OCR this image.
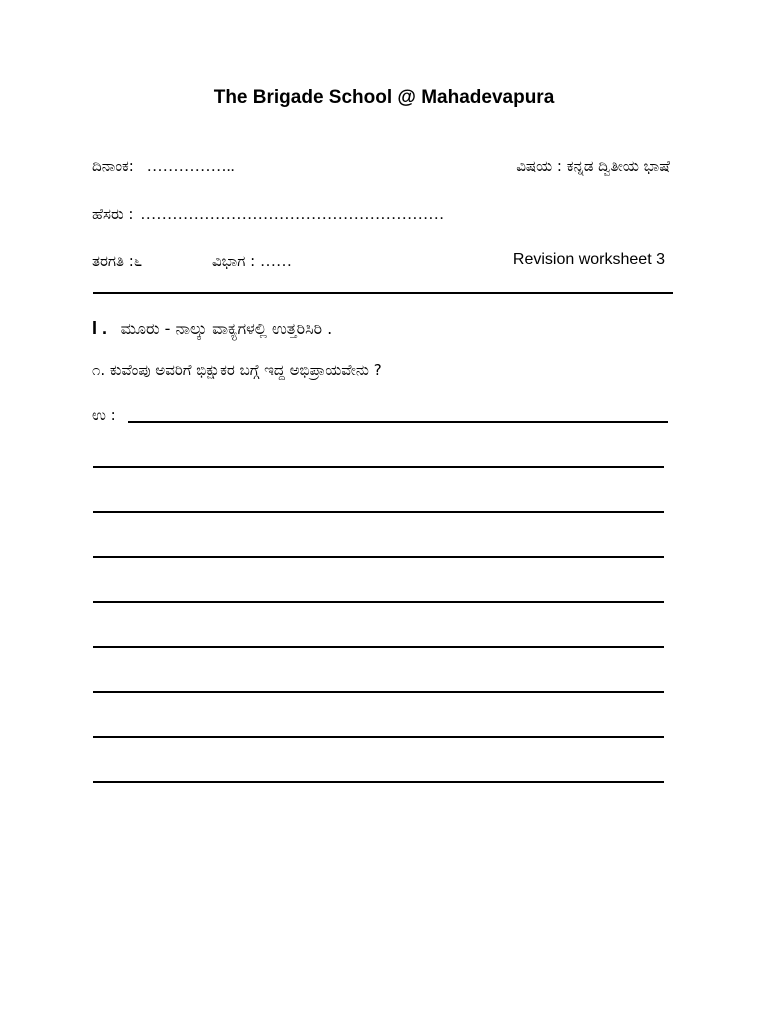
The Brigade School @ Mahadevapura
ದಿನಾಂಕ: ……………..	ವಿಷಯ : ಕನ್ನಡ ದ್ವಿತೀಯ ಭಾಷೆ
ಹೆಸರು : …………………………………………………
ತರಗತಿ :೬	ವಿಭಾಗ : ……	Revision worksheet 3
I . ಮೂರು - ನಾಲ್ಕು ವಾಕ್ಯಗಳಲ್ಲಿ ಉತ್ತರಿಸಿರಿ .
೧. ಕುವೆಂಪು ಅವರಿಗೆ ಭಿಕ್ಷುಕರ ಬಗ್ಗೆ ಇದ್ದ ಅಭಿಪ್ರಾಯವೇನು ?
ಉ :
